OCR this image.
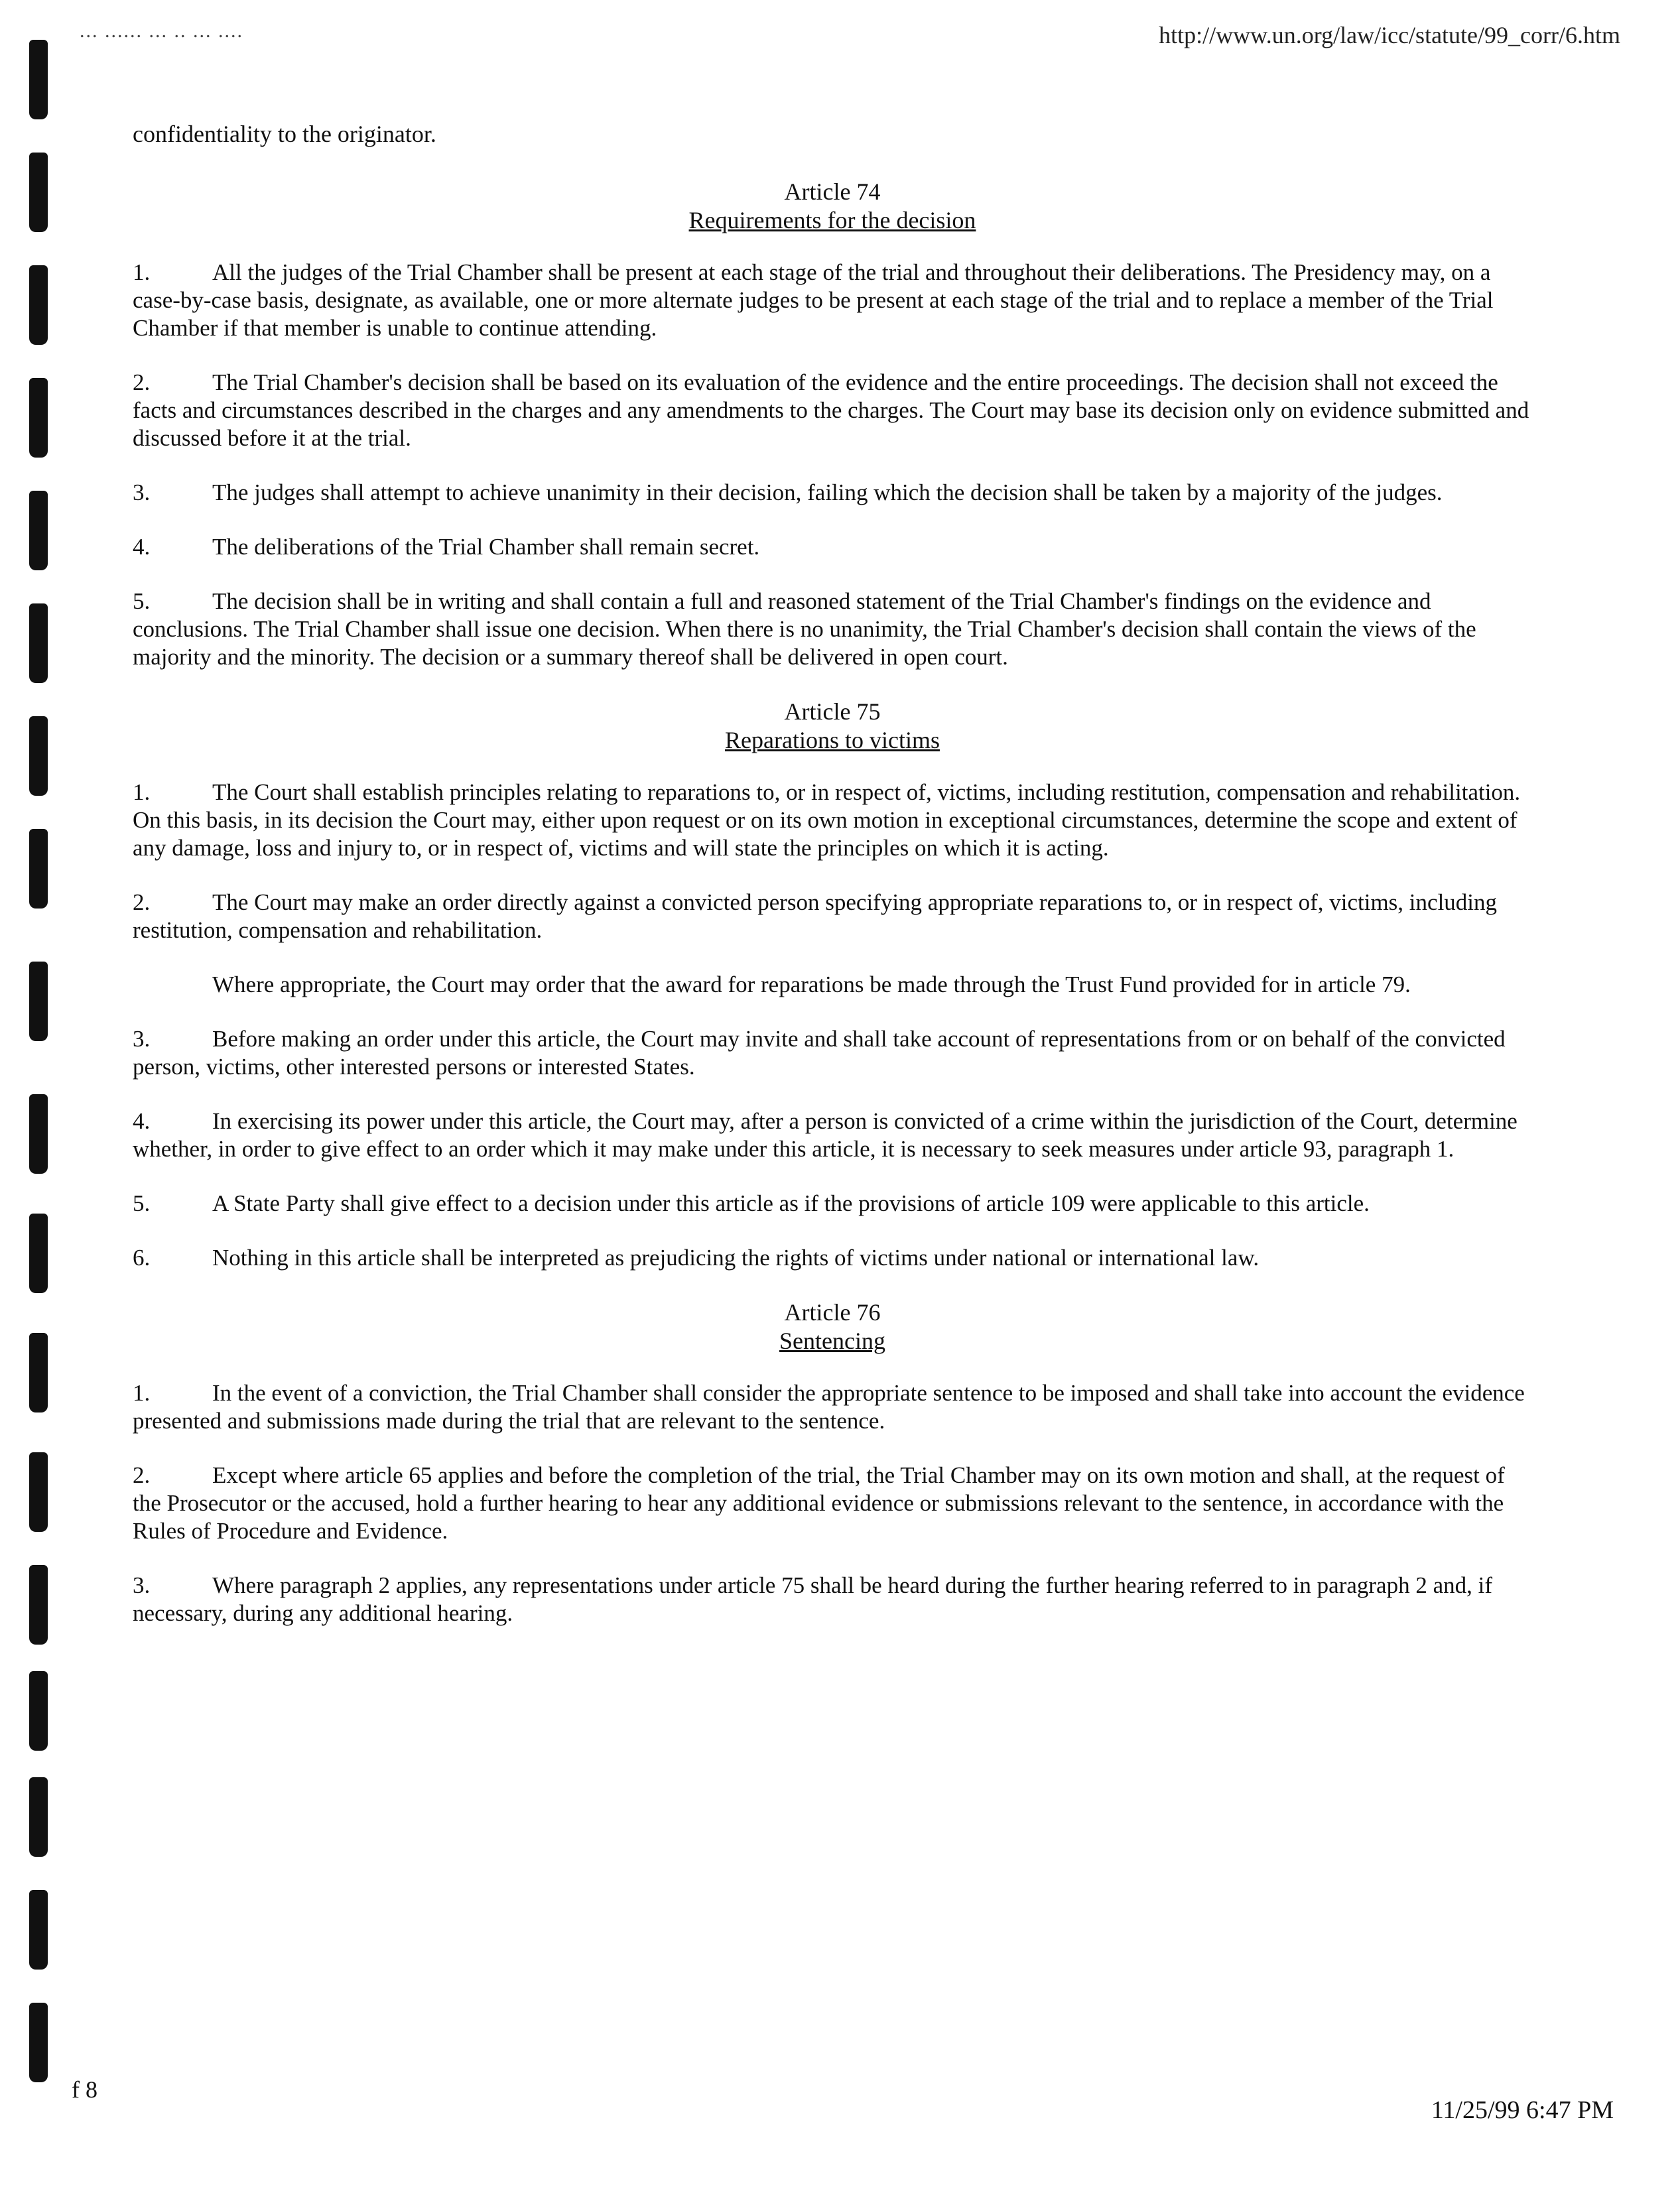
... ...... ... .. ... ....	http://www.un.org/law/icc/statute/99_corr/6.htm

confidentiality to the originator.

Article 74
Requirements for the decision

1.	All the judges of the Trial Chamber shall be present at each stage of the trial and throughout their deliberations. The Presidency may, on a case-by-case basis, designate, as available, one or more alternate judges to be present at each stage of the trial and to replace a member of the Trial Chamber if that member is unable to continue attending.

2.	The Trial Chamber's decision shall be based on its evaluation of the evidence and the entire proceedings. The decision shall not exceed the facts and circumstances described in the charges and any amendments to the charges. The Court may base its decision only on evidence submitted and discussed before it at the trial.

3.	The judges shall attempt to achieve unanimity in their decision, failing which the decision shall be taken by a majority of the judges.

4.	The deliberations of the Trial Chamber shall remain secret.

5.	The decision shall be in writing and shall contain a full and reasoned statement of the Trial Chamber's findings on the evidence and conclusions. The Trial Chamber shall issue one decision. When there is no unanimity, the Trial Chamber's decision shall contain the views of the majority and the minority. The decision or a summary thereof shall be delivered in open court.

Article 75
Reparations to victims

1.	The Court shall establish principles relating to reparations to, or in respect of, victims, including restitution, compensation and rehabilitation. On this basis, in its decision the Court may, either upon request or on its own motion in exceptional circumstances, determine the scope and extent of any damage, loss and injury to, or in respect of, victims and will state the principles on which it is acting.

2.	The Court may make an order directly against a convicted person specifying appropriate reparations to, or in respect of, victims, including restitution, compensation and rehabilitation.

Where appropriate, the Court may order that the award for reparations be made through the Trust Fund provided for in article 79.

3.	Before making an order under this article, the Court may invite and shall take account of representations from or on behalf of the convicted person, victims, other interested persons or interested States.

4.	In exercising its power under this article, the Court may, after a person is convicted of a crime within the jurisdiction of the Court, determine whether, in order to give effect to an order which it may make under this article, it is necessary to seek measures under article 93, paragraph 1.

5.	A State Party shall give effect to a decision under this article as if the provisions of article 109 were applicable to this article.

6.	Nothing in this article shall be interpreted as prejudicing the rights of victims under national or international law.

Article 76
Sentencing

1.	In the event of a conviction, the Trial Chamber shall consider the appropriate sentence to be imposed and shall take into account the evidence presented and submissions made during the trial that are relevant to the sentence.

2.	Except where article 65 applies and before the completion of the trial, the Trial Chamber may on its own motion and shall, at the request of the Prosecutor or the accused, hold a further hearing to hear any additional evidence or submissions relevant to the sentence, in accordance with the Rules of Procedure and Evidence.

3.	Where paragraph 2 applies, any representations under article 75 shall be heard during the further hearing referred to in paragraph 2 and, if necessary, during any additional hearing.

f 8
11/25/99 6:47 PM
